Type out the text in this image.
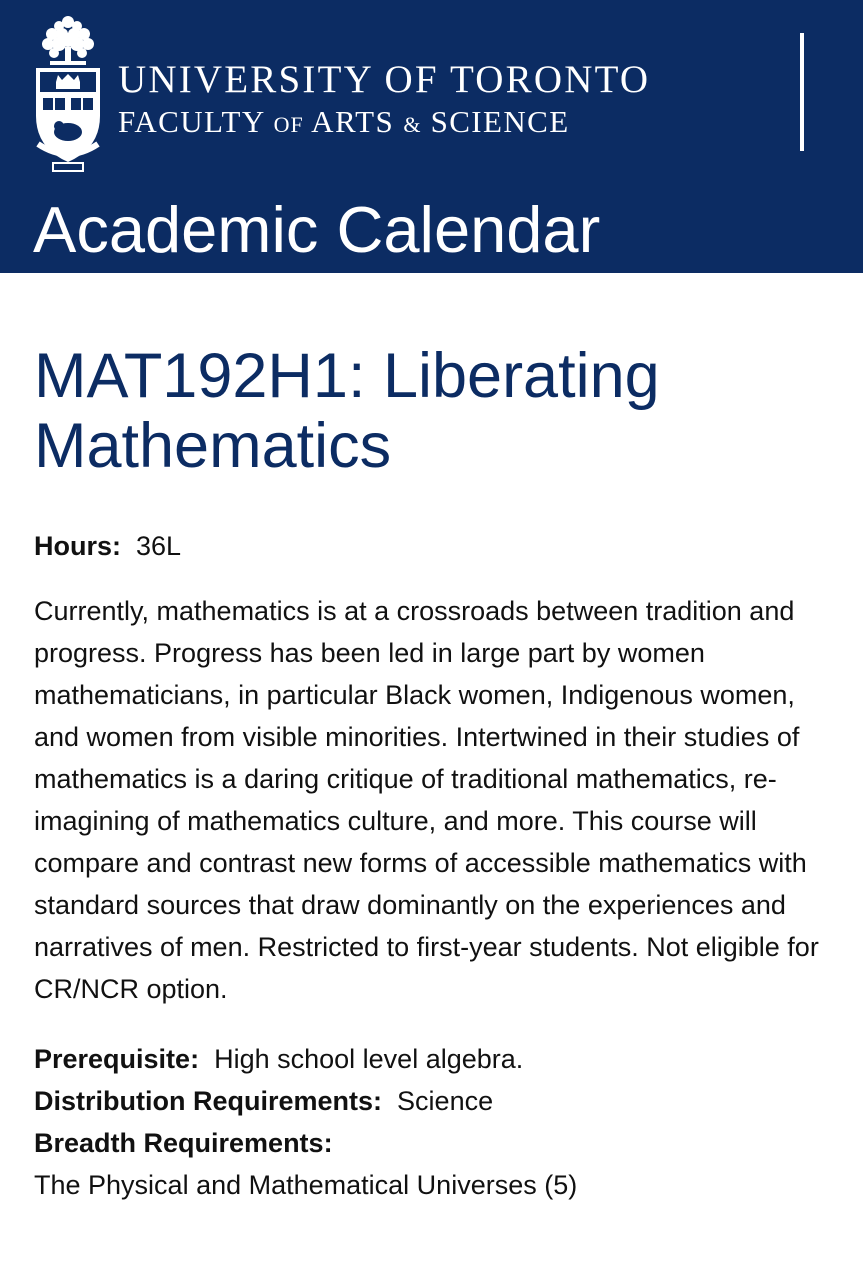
UNIVERSITY OF TORONTO
FACULTY OF ARTS & SCIENCE
Academic Calendar
MAT192H1: Liberating Mathematics
Hours: 36L
Currently, mathematics is at a crossroads between tradition and progress. Progress has been led in large part by women mathematicians, in particular Black women, Indigenous women, and women from visible minorities. Intertwined in their studies of mathematics is a daring critique of traditional mathematics, re-imagining of mathematics culture, and more. This course will compare and contrast new forms of accessible mathematics with standard sources that draw dominantly on the experiences and narratives of men. Restricted to first-year students. Not eligible for CR/NCR option.
Prerequisite: High school level algebra.
Distribution Requirements: Science
Breadth Requirements:
The Physical and Mathematical Universes (5)
